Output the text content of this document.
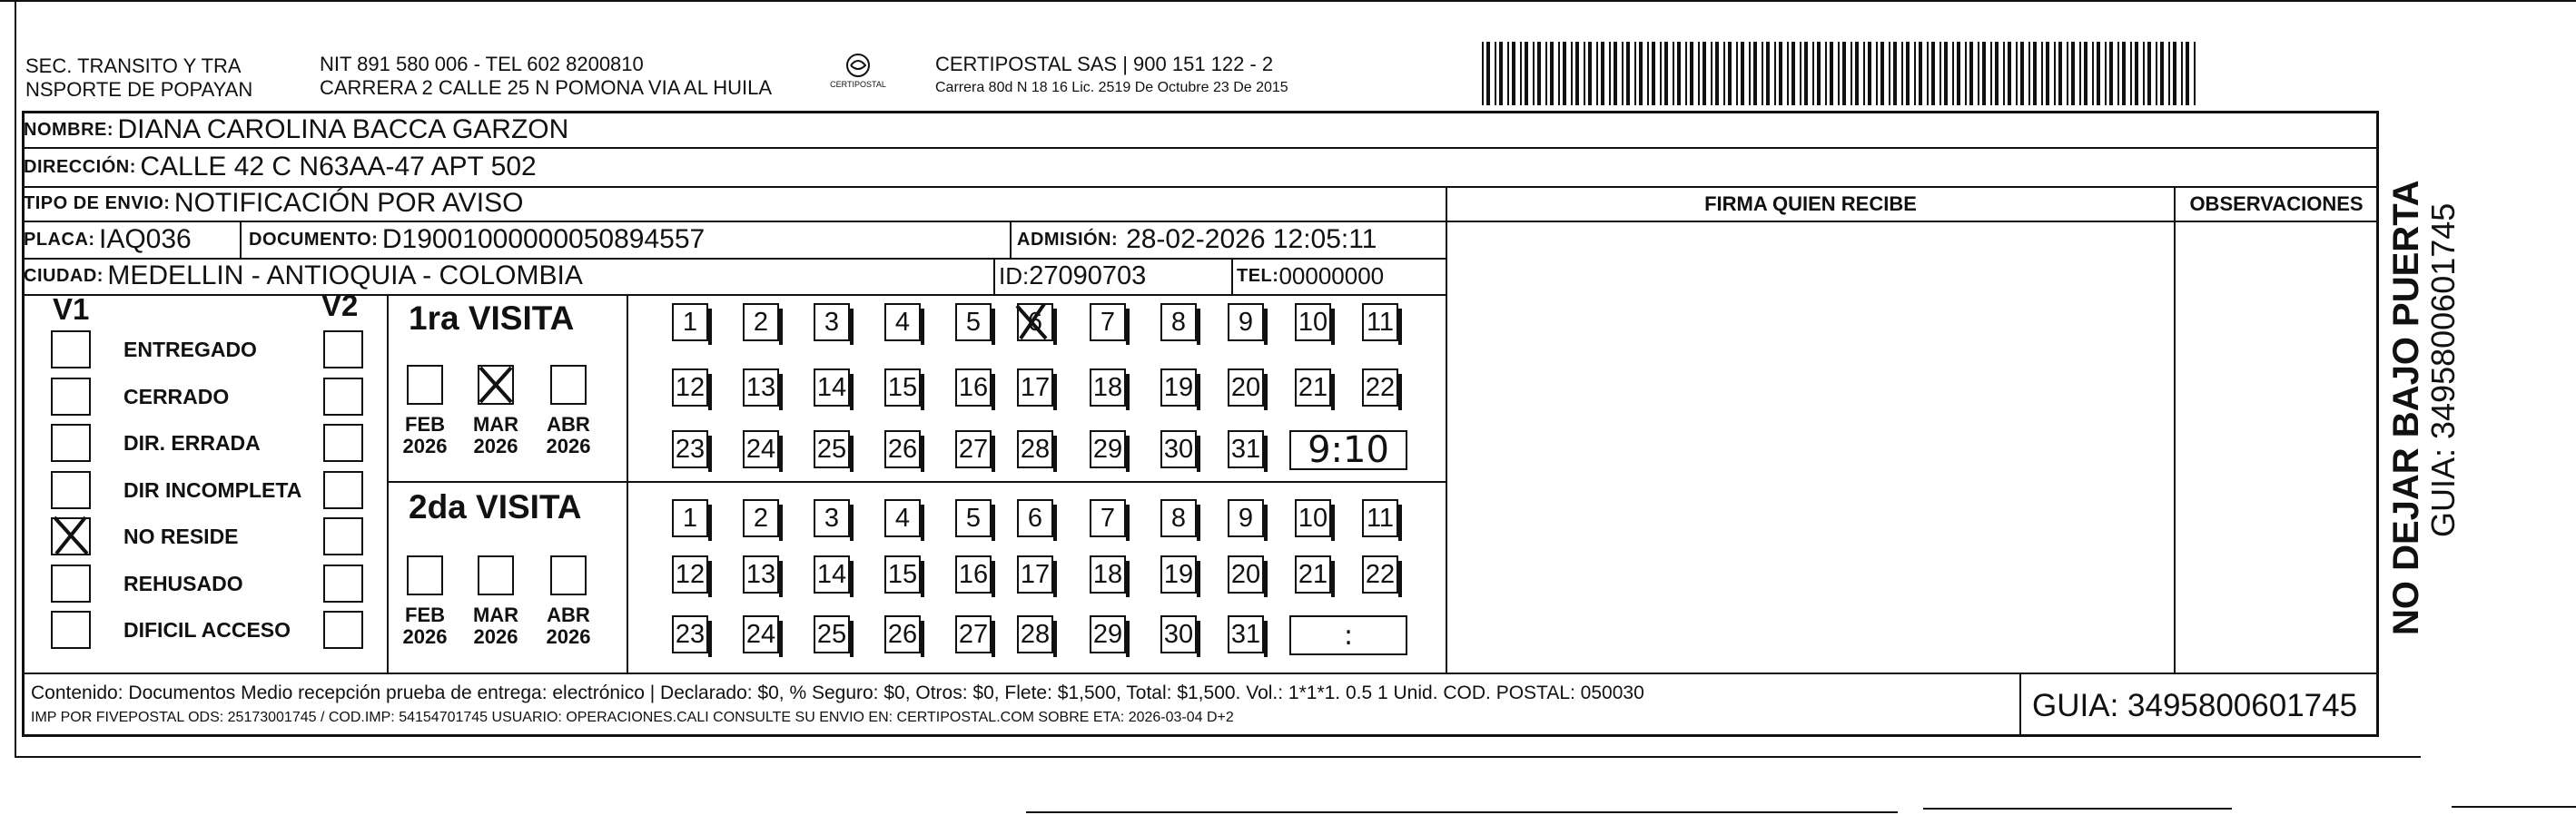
SEC. TRANSITO Y TRA
NSPORTE DE POPAYAN
NIT 891 580 006 - TEL 602 8200810
CARRERA 2 CALLE 25 N POMONA VIA AL HUILA	CERTIPOSTAL
CERTIPOSTAL SAS | 900 151 122 - 2
Carrera 80d N 18 16 Lic. 2519 De Octubre 23 De 2015
NOMBRE:
DIANA CAROLINA BACCA GARZON
DIRECCIÓN:
CALLE 42 C N63AA-47 APT 502
TIPO DE ENVIO:
NOTIFICACIÓN POR AVISO
PLACA:
IAQ036	DOCUMENTO:
D19001000000050894557	ADMISIÓN:
28-02-2026 12:05:11
CIUDAD:
MEDELLIN - ANTIOQUIA - COLOMBIA	ID: 27090703	TEL: 00000000
FIRMA QUIEN RECIBE	OBSERVACIONES
V1	V2
ENTREGADO
CERRADO
DIR. ERRADA
DIR INCOMPLETA
NO RESIDE
REHUSADO
DIFICIL ACCESO
1ra VISITA
2da VISITA
1 2 3 4 5 6 7 8 9 10 11
12 13 14 15 16 17 18 19 20 21 22
23 24 25 26 27 28 29 30 31	9:10
1 2 3 4 5 6 7 8 9 10 11
12 13 14 15 16 17 18 19 20 21 22
23 24 25 26 27 28 29 30 31	:
FEB
2026
MAR
2026
ABR
2026
FEB
2026
MAR
2026
ABR
2026
Contenido: Documentos Medio recepción prueba de entrega: electrónico | Declarado: $0, % Seguro: $0, Otros: $0, Flete: $1,500, Total: $1,500. Vol.: 1*1*1. 0.5 1 Unid. COD. POSTAL: 050030
IMP POR FIVEPOSTAL ODS: 25173001745 / COD.IMP: 54154701745 USUARIO: OPERACIONES.CALI CONSULTE SU ENVIO EN: CERTIPOSTAL.COM SOBRE ETA: 2026-03-04 D+2	GUIA: 3495800601745
NO DEJAR BAJO PUERTA
GUIA: 3495800601745
